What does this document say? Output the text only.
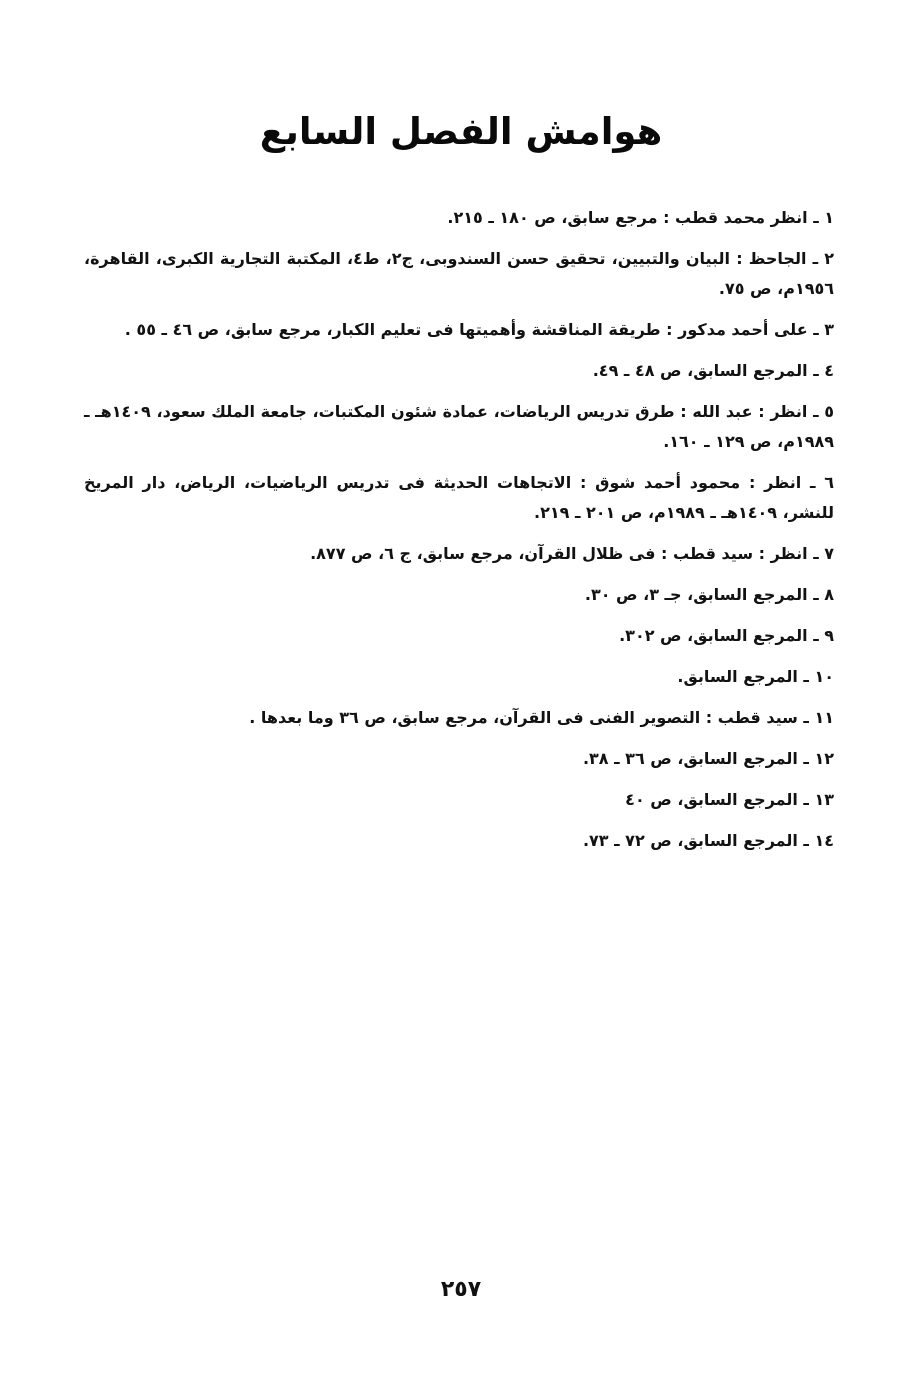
هوامش الفصل السابع
١ ـ انظر محمد قطب : مرجع سابق، ص ١٨٠ ـ ٢١٥.
٢ ـ الجاحظ : البيان والتبيين، تحقيق حسن السندوبى، ج٢، ط٤، المكتبة التجارية الكبرى، القاهرة، ١٩٥٦م، ص ٧٥.
٣ ـ على أحمد مدكور : طريقة المناقشة وأهميتها فى تعليم الكبار، مرجع سابق، ص ٤٦ ـ ٥٥ .
٤ ـ المرجع السابق، ص ٤٨ ـ ٤٩.
٥ ـ انظر : عبد الله : طرق تدريس الرياضات، عمادة شئون المكتبات، جامعة الملك سعود، ١٤٠٩هـ ـ ١٩٨٩م، ص ١٢٩ ـ ١٦٠.
٦ ـ انظر : محمود أحمد شوق : الاتجاهات الحديثة فى تدريس الرياضيات، الرياض، دار المريخ للنشر، ١٤٠٩هـ ـ ١٩٨٩م، ص ٢٠١ ـ ٢١٩.
٧ ـ انظر : سيد قطب : فى ظلال القرآن، مرجع سابق، ج ٦، ص ٨٧٧.
٨ ـ المرجع السابق، جـ ٣، ص ٣٠.
٩ ـ المرجع السابق، ص ٣٠٢.
١٠ ـ المرجع السابق.
١١ ـ سيد قطب : التصوير الفنى فى القرآن، مرجع سابق، ص ٣٦ وما بعدها .
١٢ ـ المرجع السابق، ص ٣٦ ـ ٣٨.
١٣ ـ المرجع السابق، ص ٤٠
١٤ ـ المرجع السابق، ص ٧٢ ـ ٧٣.
٢٥٧
